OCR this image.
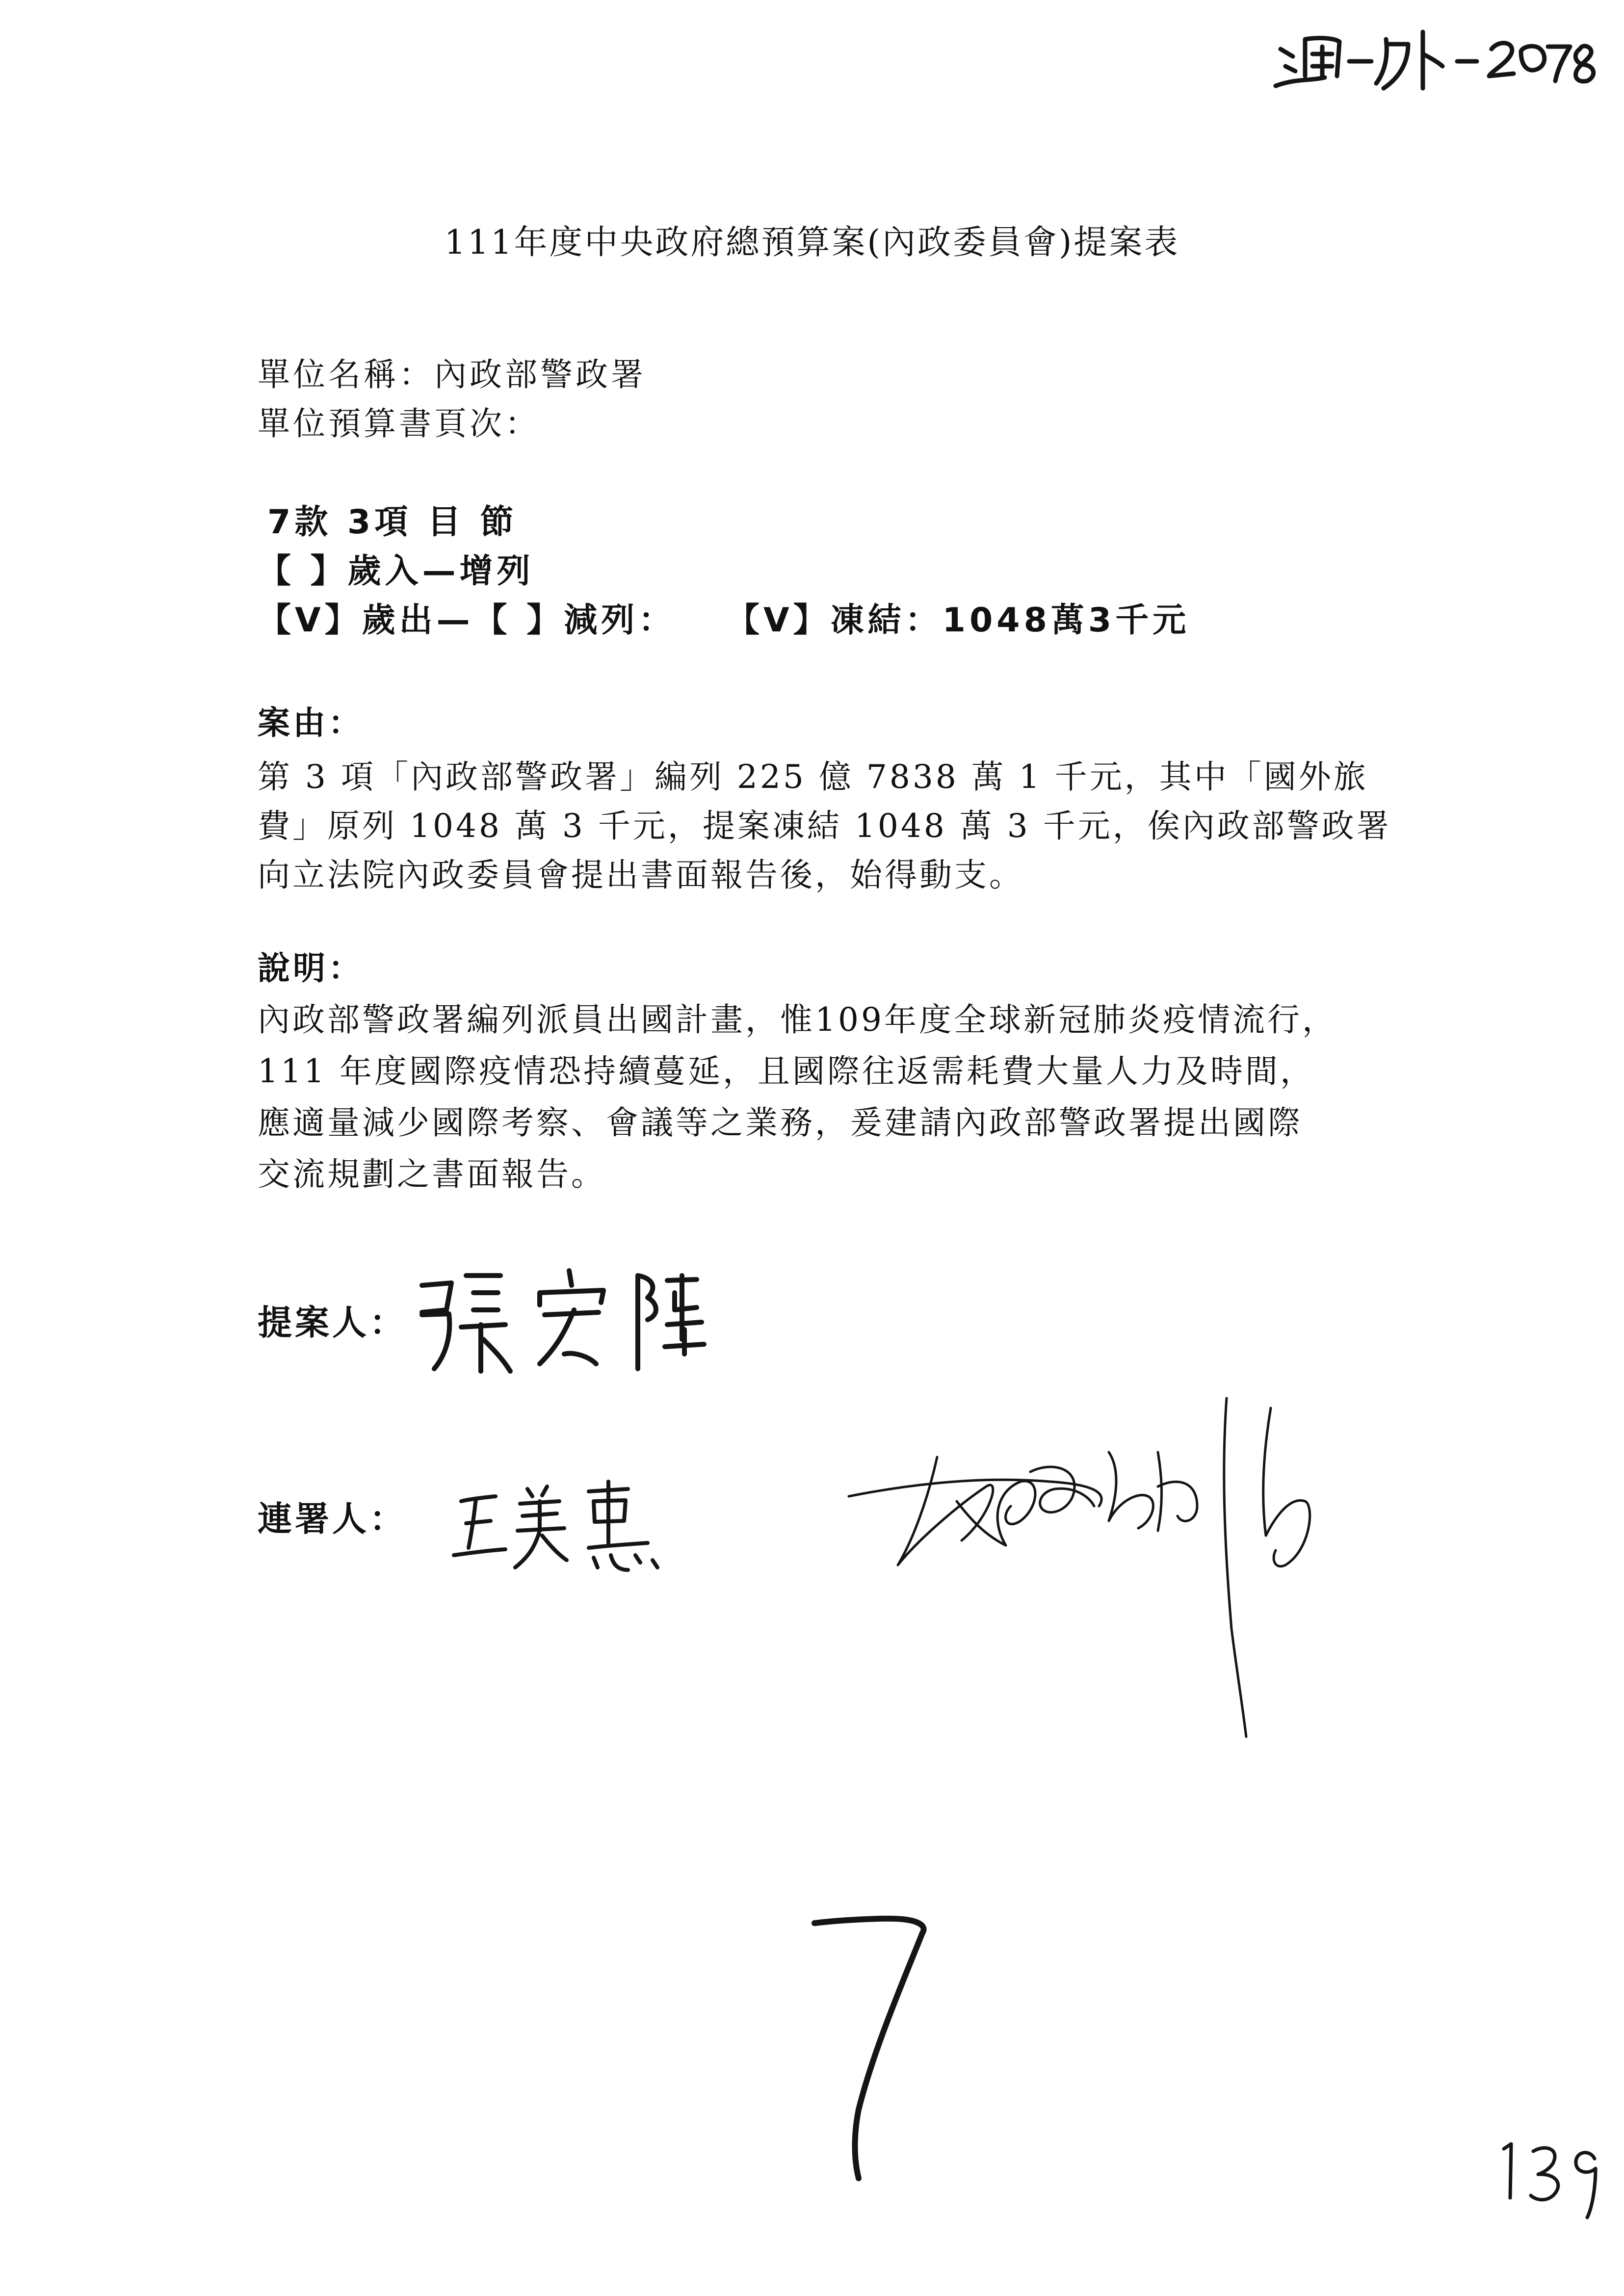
111年度中央政府總預算案(內政委員會)提案表
單位名稱：內政部警政署
單位預算書頁次：
7款 3項 目 節
【 】歲入—增列
【V】歲出—【 】減列： 【V】凍結：1048萬3千元
案由：
第 3 項「內政部警政署」編列 225 億 7838 萬 1 千元，其中「國外旅
費」原列 1048 萬 3 千元，提案凍結 1048 萬 3 千元，俟內政部警政署
向立法院內政委員會提出書面報告後，始得動支。
說明：
內政部警政署編列派員出國計畫，惟109年度全球新冠肺炎疫情流行，
111 年度國際疫情恐持續蔓延，且國際往返需耗費大量人力及時間，
應適量減少國際考察、會議等之業務，爰建請內政部警政署提出國際
交流規劃之書面報告。
提案人：
連署人：
